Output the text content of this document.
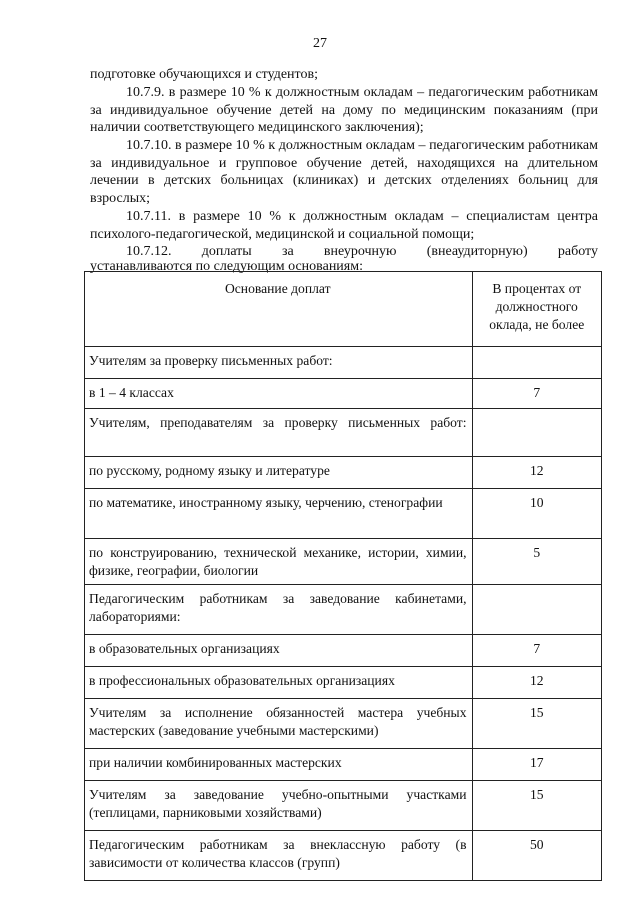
27
подготовке обучающихся и студентов;
10.7.9. в размере 10 % к должностным окладам – педагогическим работникам за индивидуальное обучение детей на дому по медицинским показаниям (при наличии соответствующего медицинского заключения);
10.7.10. в размере 10 % к должностным окладам – педагогическим работникам за индивидуальное и групповое обучение детей, находящихся на длительном лечении в детских больницах (клиниках) и детских отделениях больниц для взрослых;
10.7.11. в размере 10 % к должностным окладам – специалистам центра психолого-педагогической, медицинской и социальной помощи;
10.7.12. доплаты за внеурочную (внеаудиторную) работу
устанавливаются по следующим основаниям:
Основание доплат	В процентах от должностного оклада, не более
Учителям за проверку письменных работ:	
в 1 – 4 классах	7
Учителям, преподавателям за проверку письменных работ:	
по русскому, родному языку и литературе	12
по математике, иностранному языку, черчению, стенографии	10
по конструированию, технической механике, истории, химии, физике, географии, биологии	5
Педагогическим работникам за заведование кабинетами, лабораториями:	
в образовательных организациях	7
в профессиональных образовательных организациях	12
Учителям за исполнение обязанностей мастера учебных мастерских (заведование учебными мастерскими)	15
при наличии комбинированных мастерских	17
Учителям за заведование учебно-опытными участками (теплицами, парниковыми хозяйствами)	15
Педагогическим работникам за внеклассную работу (в зависимости от количества классов (групп)	50
